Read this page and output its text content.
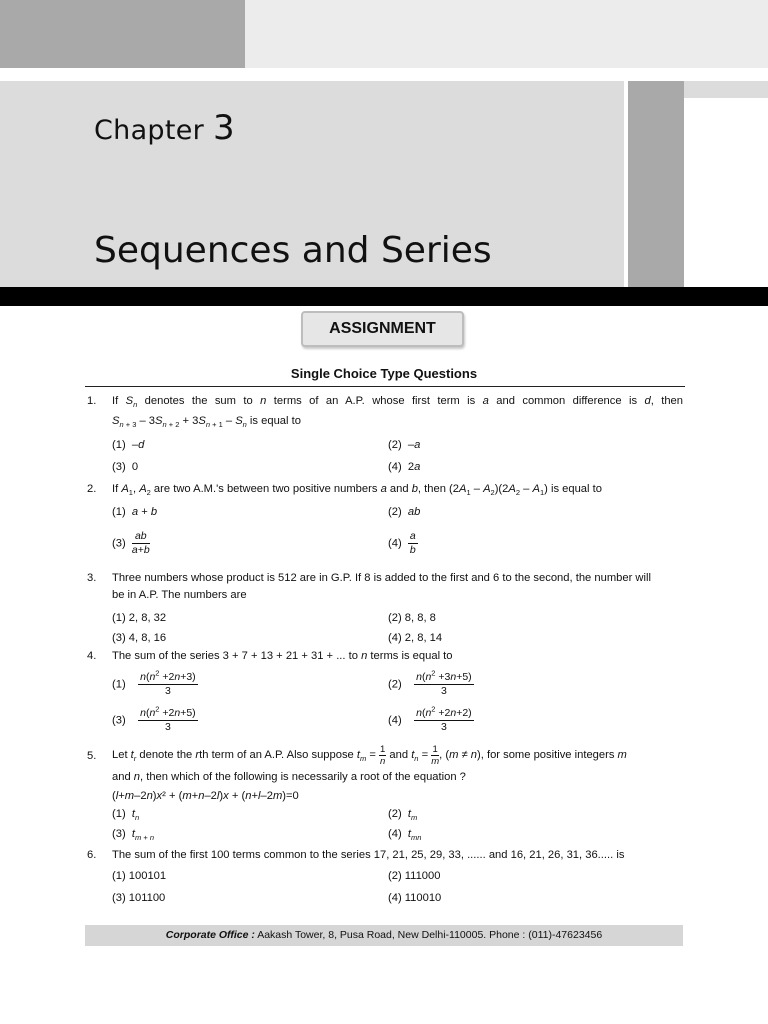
Chapter 3
Sequences and Series
ASSIGNMENT
Single Choice Type Questions
1. If $S_n$ denotes the sum to n terms of an A.P. whose first term is a and common difference is d, then
$S_{n + 3} - 3S_{n + 2} + 3S_{n + 1} - S_n$ is equal to
(1)  –d	(2)  –a
(3)  0	(4)  2a
2. If $A_1$, $A_2$ are two A.M.'s between two positive numbers a and b, then $(2A_1 - A_2)(2A_2 - A_1)$ is equal to
(1)  a + b	(2)  ab
$(3) \frac{ab}{a+b}$	$(4) \frac{a}{b}$
3. Three numbers whose product is 512 are in G.P. If 8 is added to the first and 6 to the second, the number will
be in A.P. The numbers are
(1) 2, 8, 32	(2) 8, 8, 8
(3) 4, 8, 16	(4) 2, 8, 14
4. The sum of the series 3 + 7 + 13 + 21 + 31 + ... to n terms is equal to
$(1) \frac{n(n^2 +2n+3)}{3}$	$(2) \frac{n(n^2 +3n+5)}{3}$
$(3) \frac{n(n^2 +2n+5)}{3}$	$(4) \frac{n(n^2 +2n+2)}{3}$
5. Let $t_r$ denote the rth term of an A.P. Also suppose $t_m = \frac{1}{n}$ and $t_n = \frac{1}{m}$ , (m ≠ n), for some positive integers m
and n, then which of the following is necessarily a root of the equation ?
(l+m–2n)x² + (m+n–2l)x + (n+l–2m)=0
(1)  $t_n$	(2)  $t_m$
(3)  $t_{m + n}$	(4)  $t_{mn}$
6. The sum of the first 100 terms common to the series 17, 21, 25, 29, 33, ...... and 16, 21, 26, 31, 36..... is
(1) 100101	(2) 111000
(3) 101100	(4) 110010
Corporate Office : Aakash Tower, 8, Pusa Road, New Delhi-110005. Phone : (011)-47623456
